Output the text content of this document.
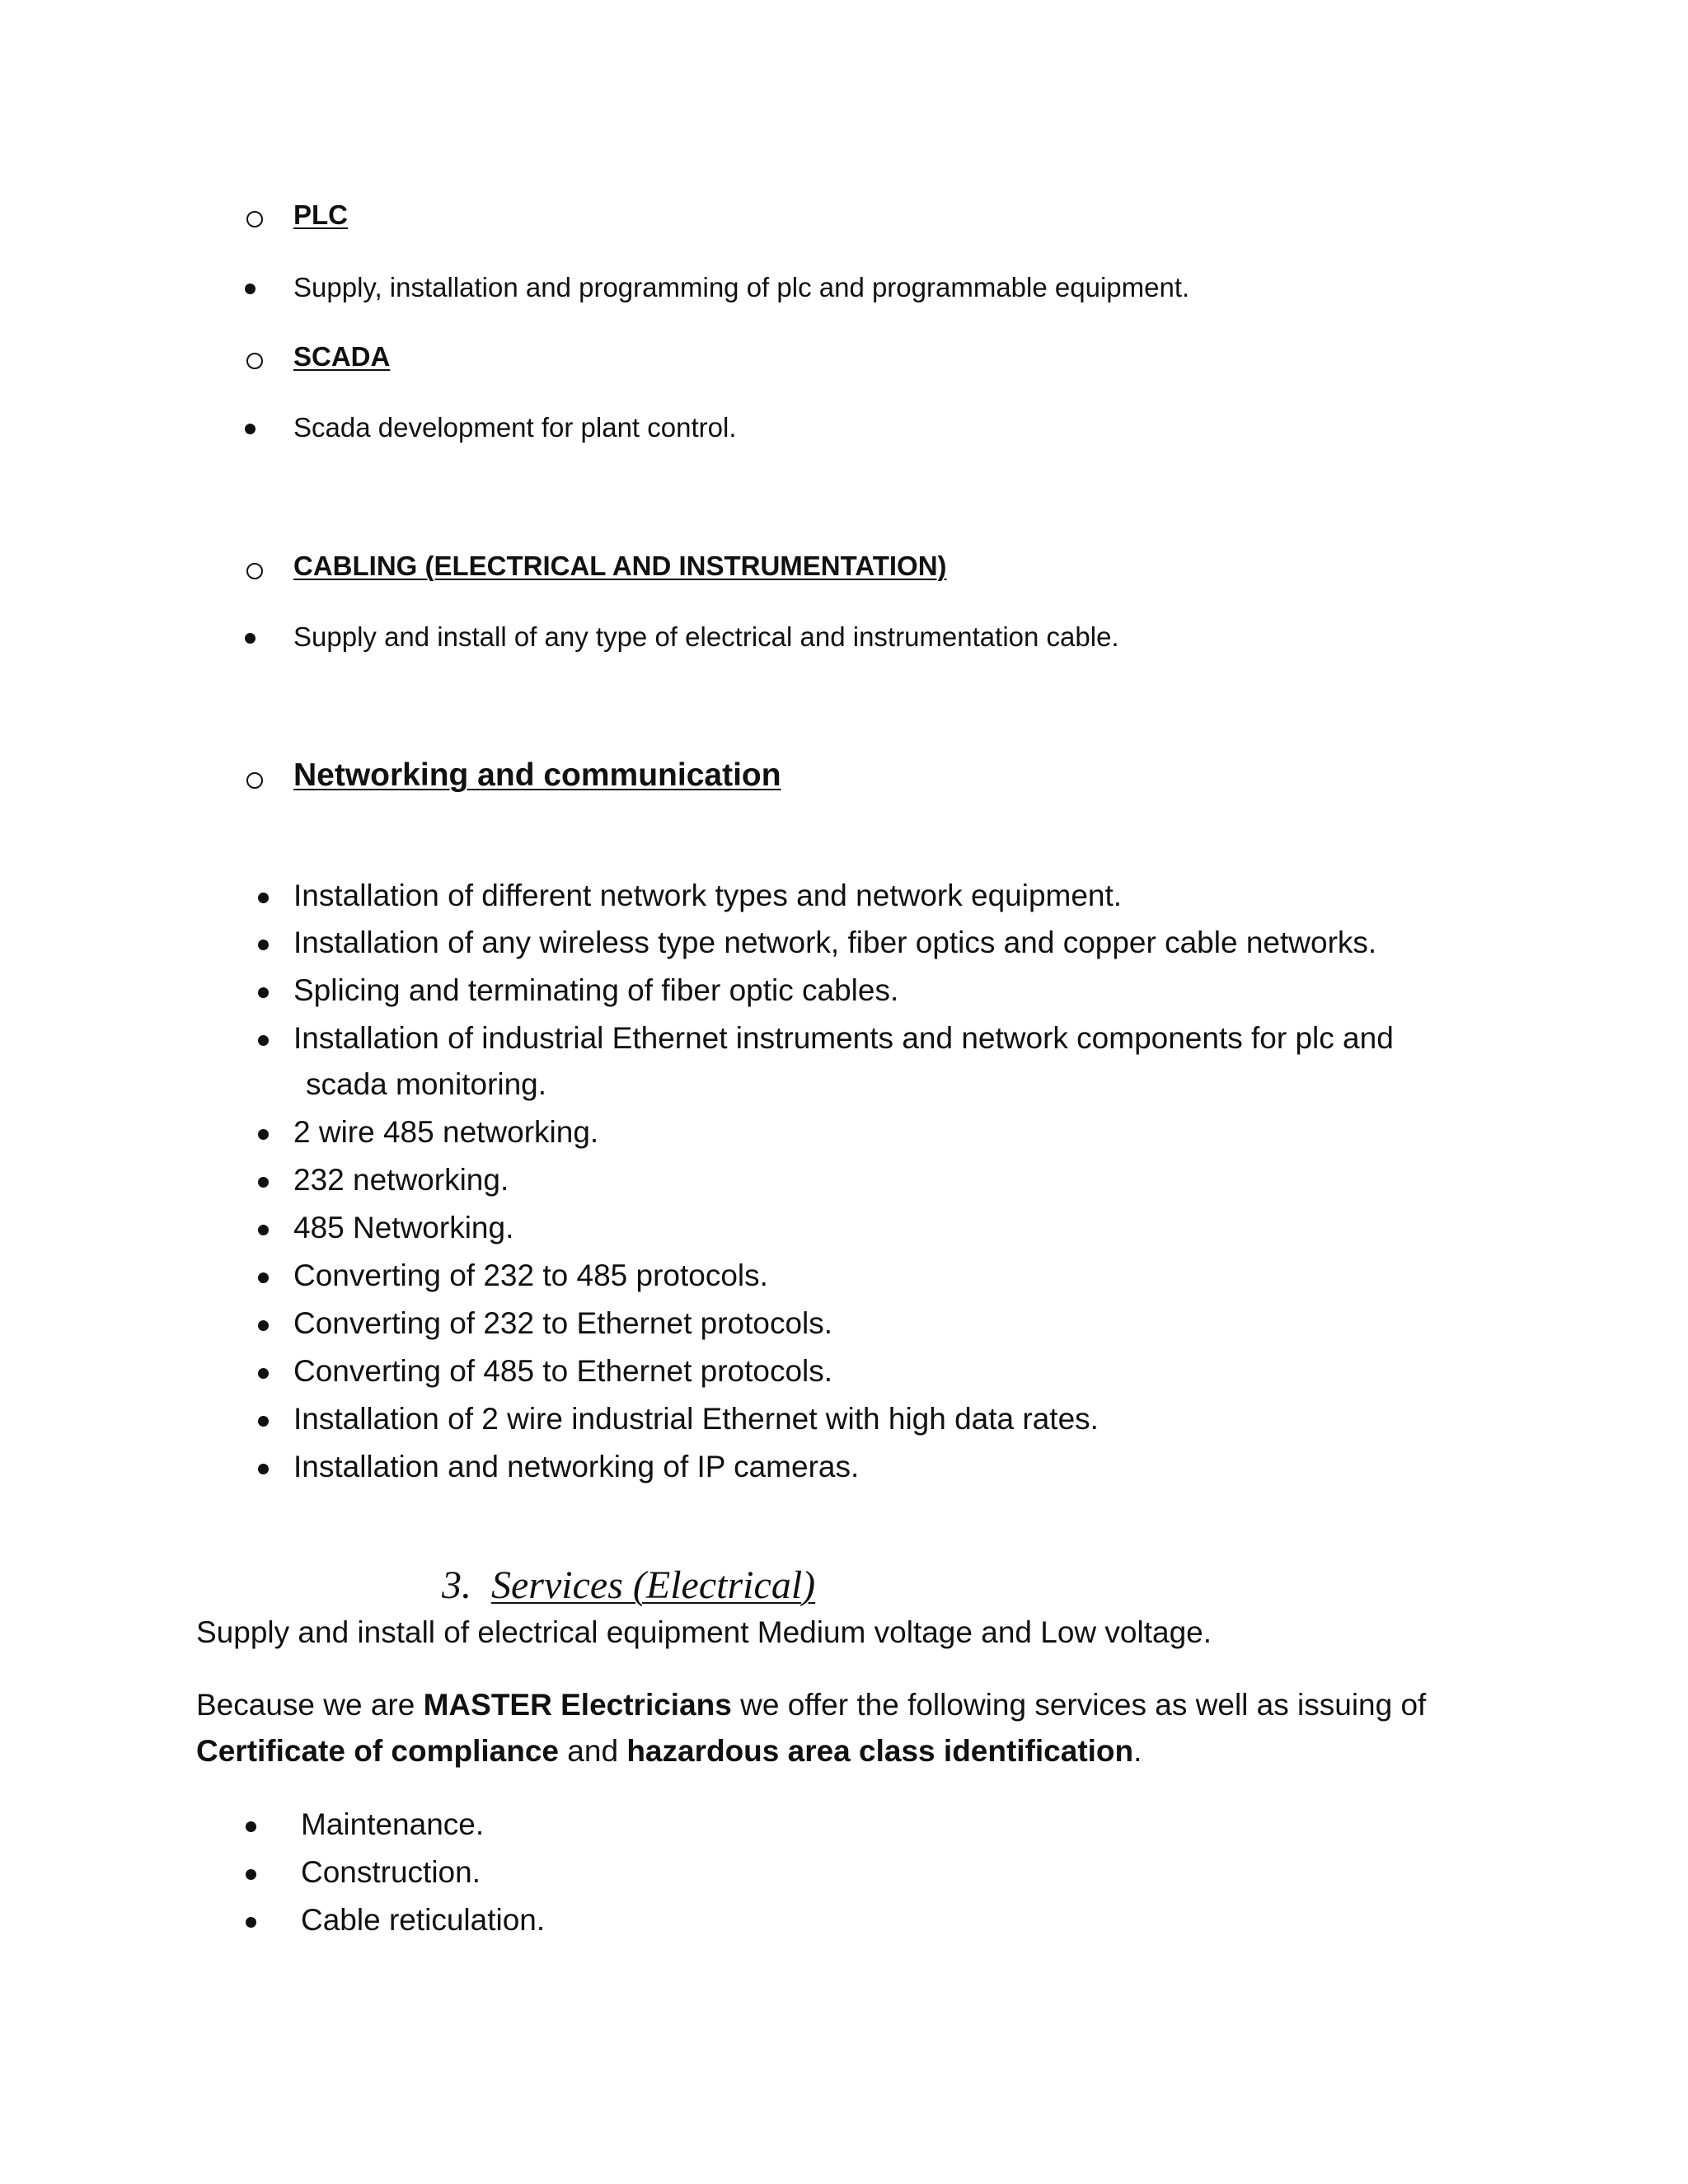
PLC
Supply, installation and programming of plc and programmable equipment.
SCADA
Scada development for plant control.
CABLING (ELECTRICAL AND INSTRUMENTATION)
Supply and install of any type of electrical and instrumentation cable.
Networking and communication
Installation of different network types and network equipment.
Installation of any wireless type network, fiber optics and copper cable networks.
Splicing and terminating of fiber optic cables.
Installation of industrial Ethernet instruments and network components for plc and
scada monitoring.
2 wire 485 networking.
232 networking.
485 Networking.
Converting of 232 to 485 protocols.
Converting of 232 to Ethernet protocols.
Converting of 485 to Ethernet protocols.
Installation of 2 wire industrial Ethernet with high data rates.
Installation and networking of IP cameras.
3. Services (Electrical)
Supply and install of electrical equipment Medium voltage and Low voltage.
Because we are MASTER Electricians we offer the following services as well as issuing of
Certificate of compliance and hazardous area class identification.
Maintenance.
Construction.
Cable reticulation.
